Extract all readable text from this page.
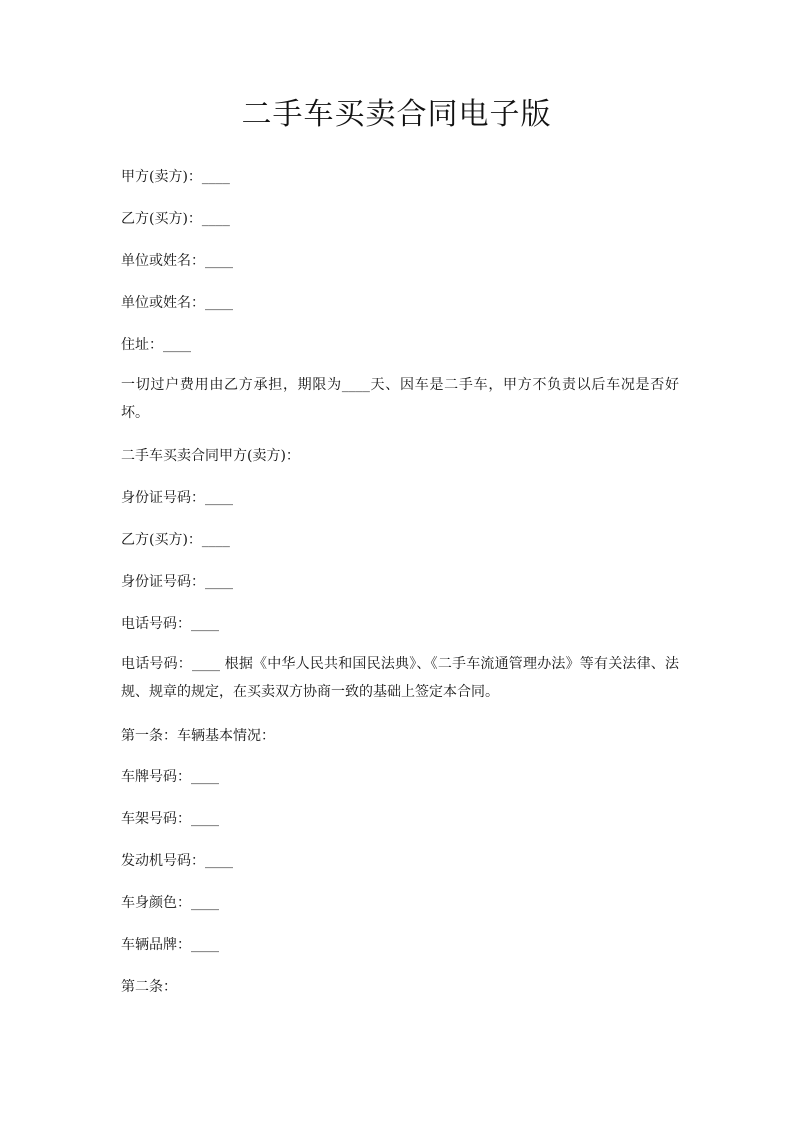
二手车买卖合同电子版
甲方(卖方)：____
乙方(买方)：____
单位或姓名：____
单位或姓名：____
住址：____
一切过户费用由乙方承担，期限为____天、因车是二手车，甲方不负责以后车况是否好坏。
二手车买卖合同甲方(卖方)：
身份证号码：____
乙方(买方)：____
身份证号码：____
电话号码：____
电话号码：____ 根据《中华人民共和国民法典》、《二手车流通管理办法》等有关法律、法 规、规章的规定，在买卖双方协商一致的基础上签定本合同。
第一条：车辆基本情况：
车牌号码：____
车架号码：____
发动机号码：____
车身颜色：____
车辆品牌：____
第二条：
